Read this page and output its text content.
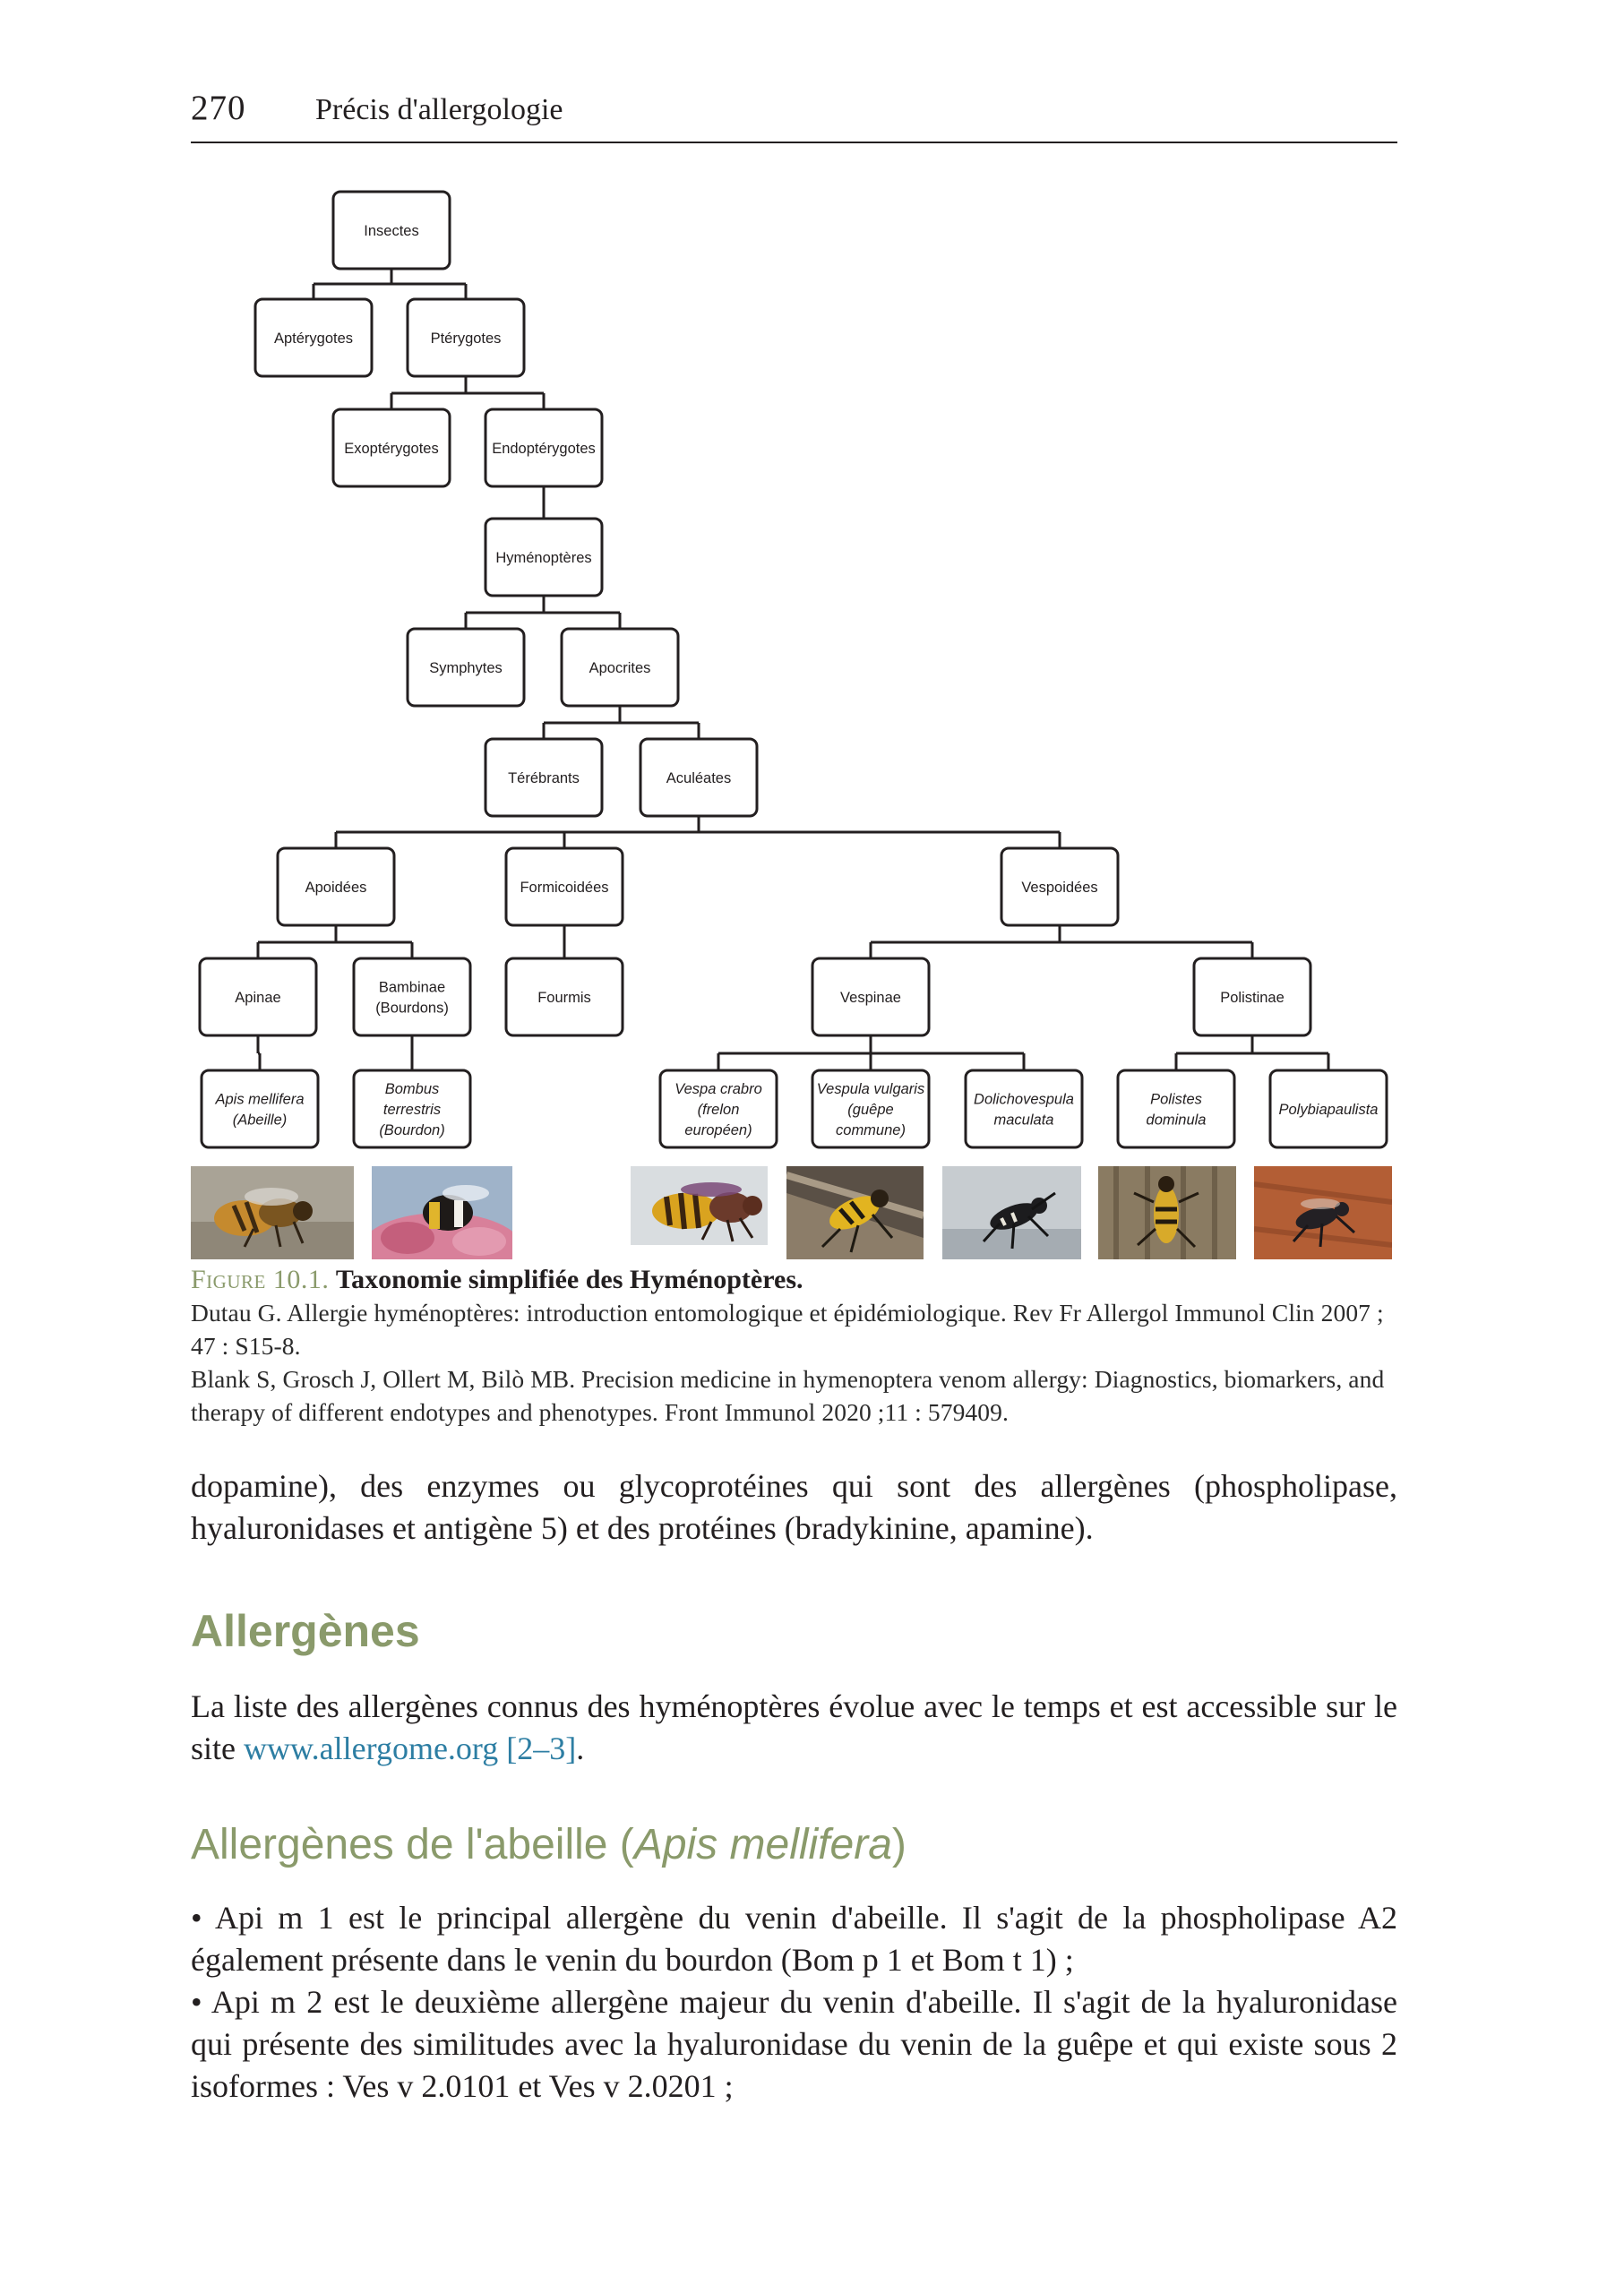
270 Précis d'allergologie
Insectes
Aptérygotes	Ptérygotes
Exoptérygotes	Endoptérygotes
Hyménoptères
Symphytes	Apocrites
Térébrants	Aculéates
Apoidées	Formicoidées	Vespoidées
Apinae
Bambinae
(Bourdons)
Fourmis	Vespinae	Polistinae
Apis mellifera
(Abeille)
Bombus
terrestris
(Bourdon)
Vespa crabro
(frelon
européen)
Vespula vulgaris
(guêpe
commune)
Dolichovespula
maculata
Polistes
dominula
Polybiapaulista
Figure 10.1. Taxonomie simplifiée des Hyménoptères.
Dutau G. Allergie hyménoptères: introduction entomologique et épidémiologique. Rev Fr Allergol Immunol Clin 2007 ; 47 : S15-8.
Blank S, Grosch J, Ollert M, Bilò MB. Precision medicine in hymenoptera venom allergy: Diagnostics, biomarkers, and therapy of different endotypes and phenotypes. Front Immunol 2020 ;11 : 579409.
dopamine), des enzymes ou glycoprotéines qui sont des allergènes (phospholipase, hyaluronidases et antigène 5) et des protéines (bradykinine, apamine).
Allergènes
La liste des allergènes connus des hyménoptères évolue avec le temps et est accessible sur le site www.allergome.org [2–3].
Allergènes de l'abeille (Apis mellifera)

• Api m 1 est le principal allergène du venin d'abeille. Il s'agit de la phospholipase A2 également présente dans le venin du bourdon (Bom p 1 et Bom t 1) ;

• Api m 2 est le deuxième allergène majeur du venin d'abeille. Il s'agit de la hyaluronidase qui présente des similitudes avec la hyaluronidase du venin de la guêpe et qui existe sous 2 isoformes : Ves v 2.0101 et Ves v 2.0201 ;
